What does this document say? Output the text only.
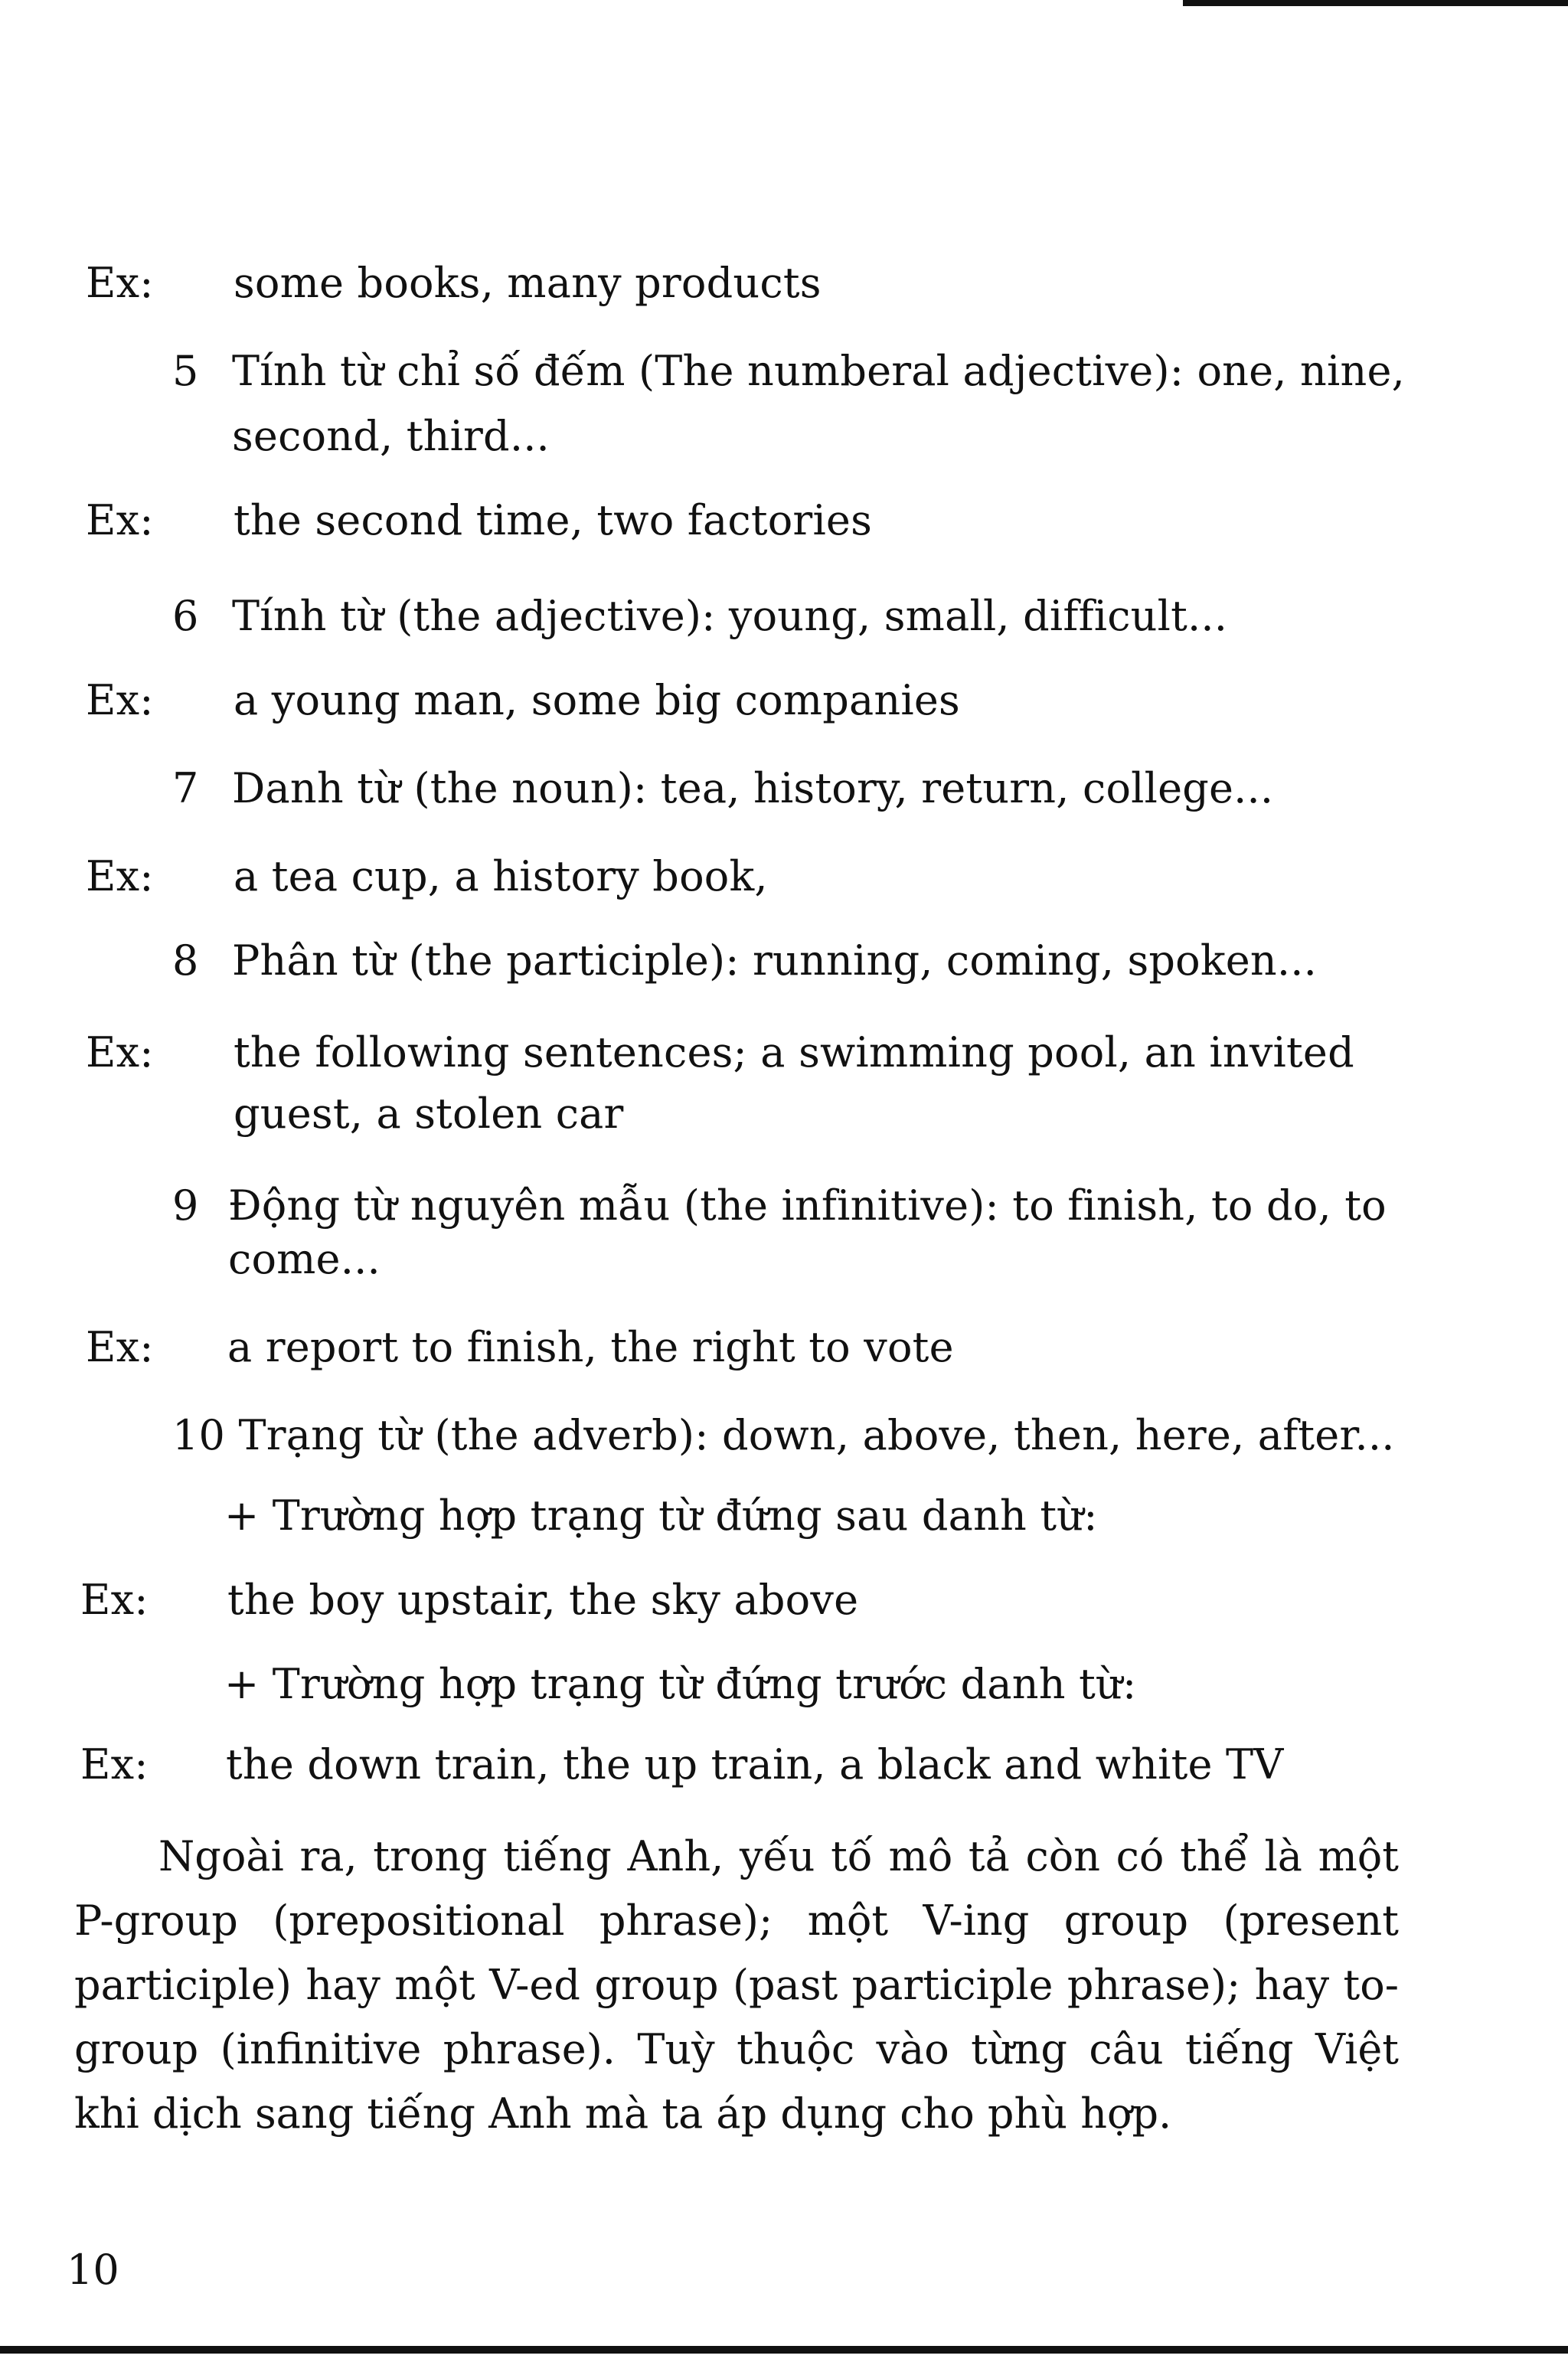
Ex: some books, many products
5 Tính từ chỉ số đếm (The numberal adjective): one, nine,
second, third...
Ex: the second time, two factories
6 Tính từ (the adjective): young, small, difficult...
Ex: a young man, some big companies
7 Danh từ (the noun): tea, history, return, college...
Ex: a tea cup, a history book,
8 Phân từ (the participle): running, coming, spoken...
Ex: the following sentences; a swimming pool, an invited
guest, a stolen car
9 Động từ nguyên mẫu (the infinitive): to finish, to do, to
come...
Ex: a report to finish, the right to vote
10 Trạng từ (the adverb): down, above, then, here, after...
+ Trường hợp trạng từ đứng sau danh từ:
Ex: the boy upstair, the sky above
+ Trường hợp trạng từ đứng trước danh từ:
Ex: the down train, the up train, a black and white TV
Ngoài ra, trong tiếng Anh, yếu tố mô tả còn có thể là một P-group (prepositional phrase); một V-ing group (present participle) hay một V-ed group (past participle phrase); hay to-group (infinitive phrase). Tuỳ thuộc vào từng câu tiếng Việt khi dịch sang tiếng Anh mà ta áp dụng cho phù hợp.
10
